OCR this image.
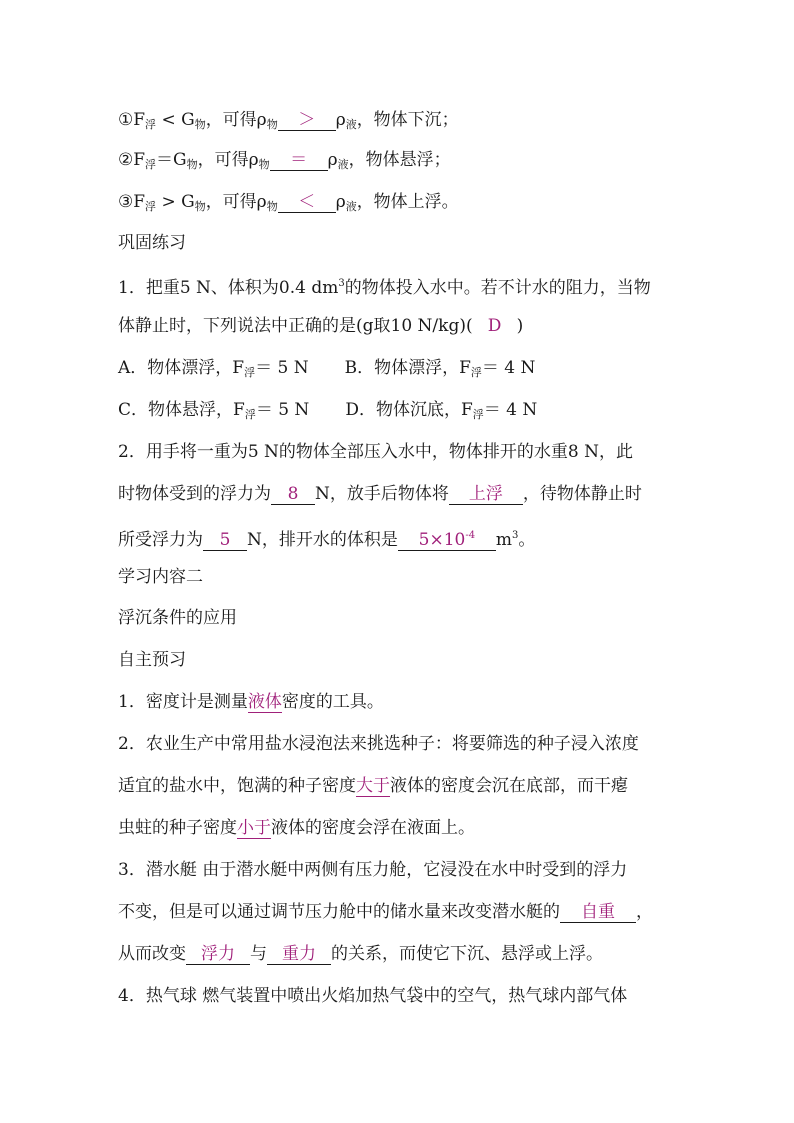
$①F_浮 < G_物$，可得$\rho_物 > \rho_液$，物体下沉；
$②F_浮=G_物$，可得$\rho_物 = \rho_液$，物体悬浮；
$③F_浮 > G_物$，可得$\rho_物 < \rho_液$，物体上浮。
巩固练习
1．把重5 N、体积为0.4 $dm^3$的物体投入水中。若不计水的阻力，当物
体静止时，下列说法中正确的是(g取10 N/kg)( D )
A．物体漂浮，$F_浮= 5$ N B．物体漂浮，$F_浮= 4$ N
C．物体悬浮，$F_浮= 5$ N D．物体沉底，$F_浮= 4$ N
2．用手将一重为5 N的物体全部压入水中，物体排开的水重8 N，此
时物体受到的浮力为 8 N，放手后物体将 上浮 ，待物体静止时
所受浮力为 5 N，排开水的体积是 $5\times 10^{-4}$ $m^3$。
学习内容二
浮沉条件的应用
自主预习
1．密度计是测量液体密度的工具。
2．农业生产中常用盐水浸泡法来挑选种子：将要筛选的种子浸入浓度
适宜的盐水中，饱满的种子密度大于液体的密度会沉在底部，而干瘪
虫蛀的种子密度小于液体的密度会浮在液面上。
3．潜水艇 由于潜水艇中两侧有压力舱，它浸没在水中时受到的浮力
不变，但是可以通过调节压力舱中的储水量来改变潜水艇的 自重 ，
从而改变 浮力 与 重力 的关系，而使它下沉、悬浮或上浮。
4．热气球 燃气装置中喷出火焰加热气袋中的空气，热气球内部气体
